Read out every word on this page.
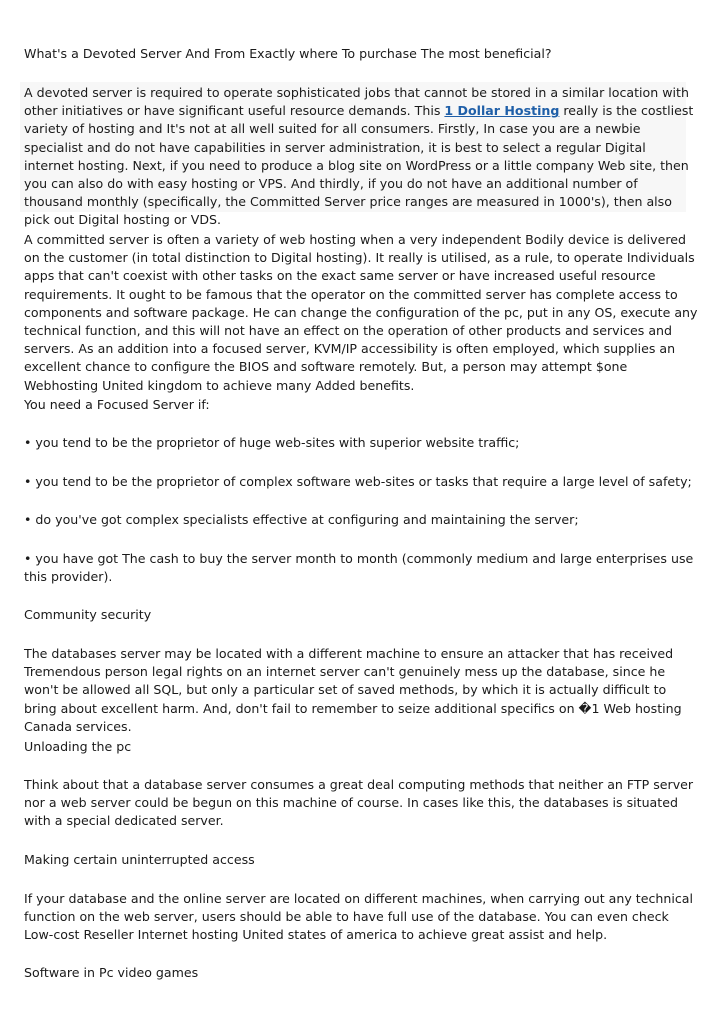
What's a Devoted Server And From Exactly where To purchase The most beneficial?

A devoted server is required to operate sophisticated jobs that cannot be stored in a similar location with other initiatives or have significant useful resource demands. This 1 Dollar Hosting really is the costliest variety of hosting and It's not at all well suited for all consumers. Firstly, In case you are a newbie specialist and do not have capabilities in server administration, it is best to select a regular Digital internet hosting. Next, if you need to produce a blog site on WordPress or a little company Web site, then you can also do with easy hosting or VPS. And thirdly, if you do not have an additional number of thousand monthly (specifically, the Committed Server price ranges are measured in 1000's), then also pick out Digital hosting or VDS.

A committed server is often a variety of web hosting when a very independent Bodily device is delivered on the customer (in total distinction to Digital hosting). It really is utilised, as a rule, to operate Individuals apps that can't coexist with other tasks on the exact same server or have increased useful resource requirements. It ought to be famous that the operator on the committed server has complete access to components and software package. He can change the configuration of the pc, put in any OS, execute any technical function, and this will not have an effect on the operation of other products and services and servers. As an addition into a focused server, KVM/IP accessibility is often employed, which supplies an excellent chance to configure the BIOS and software remotely. But, a person may attempt $one Webhosting United kingdom to achieve many Added benefits.

You need a Focused Server if:

• you tend to be the proprietor of huge web-sites with superior website traffic;

• you tend to be the proprietor of complex software web-sites or tasks that require a large level of safety;

• do you've got complex specialists effective at configuring and maintaining the server;

• you have got The cash to buy the server month to month (commonly medium and large enterprises use this provider).

Community security

The databases server may be located with a different machine to ensure an attacker that has received Tremendous person legal rights on an internet server can't genuinely mess up the database, since he won't be allowed all SQL, but only a particular set of saved methods, by which it is actually difficult to bring about excellent harm. And, don't fail to remember to seize additional specifics on �1 Web hosting Canada services.

Unloading the pc

Think about that a database server consumes a great deal computing methods that neither an FTP server nor a web server could be begun on this machine of course. In cases like this, the databases is situated with a special dedicated server.

Making certain uninterrupted access

If your database and the online server are located on different machines, when carrying out any technical function on the web server, users should be able to have full use of the database. You can even check Low-cost Reseller Internet hosting United states of america to achieve great assist and help.

Software in Pc video games
